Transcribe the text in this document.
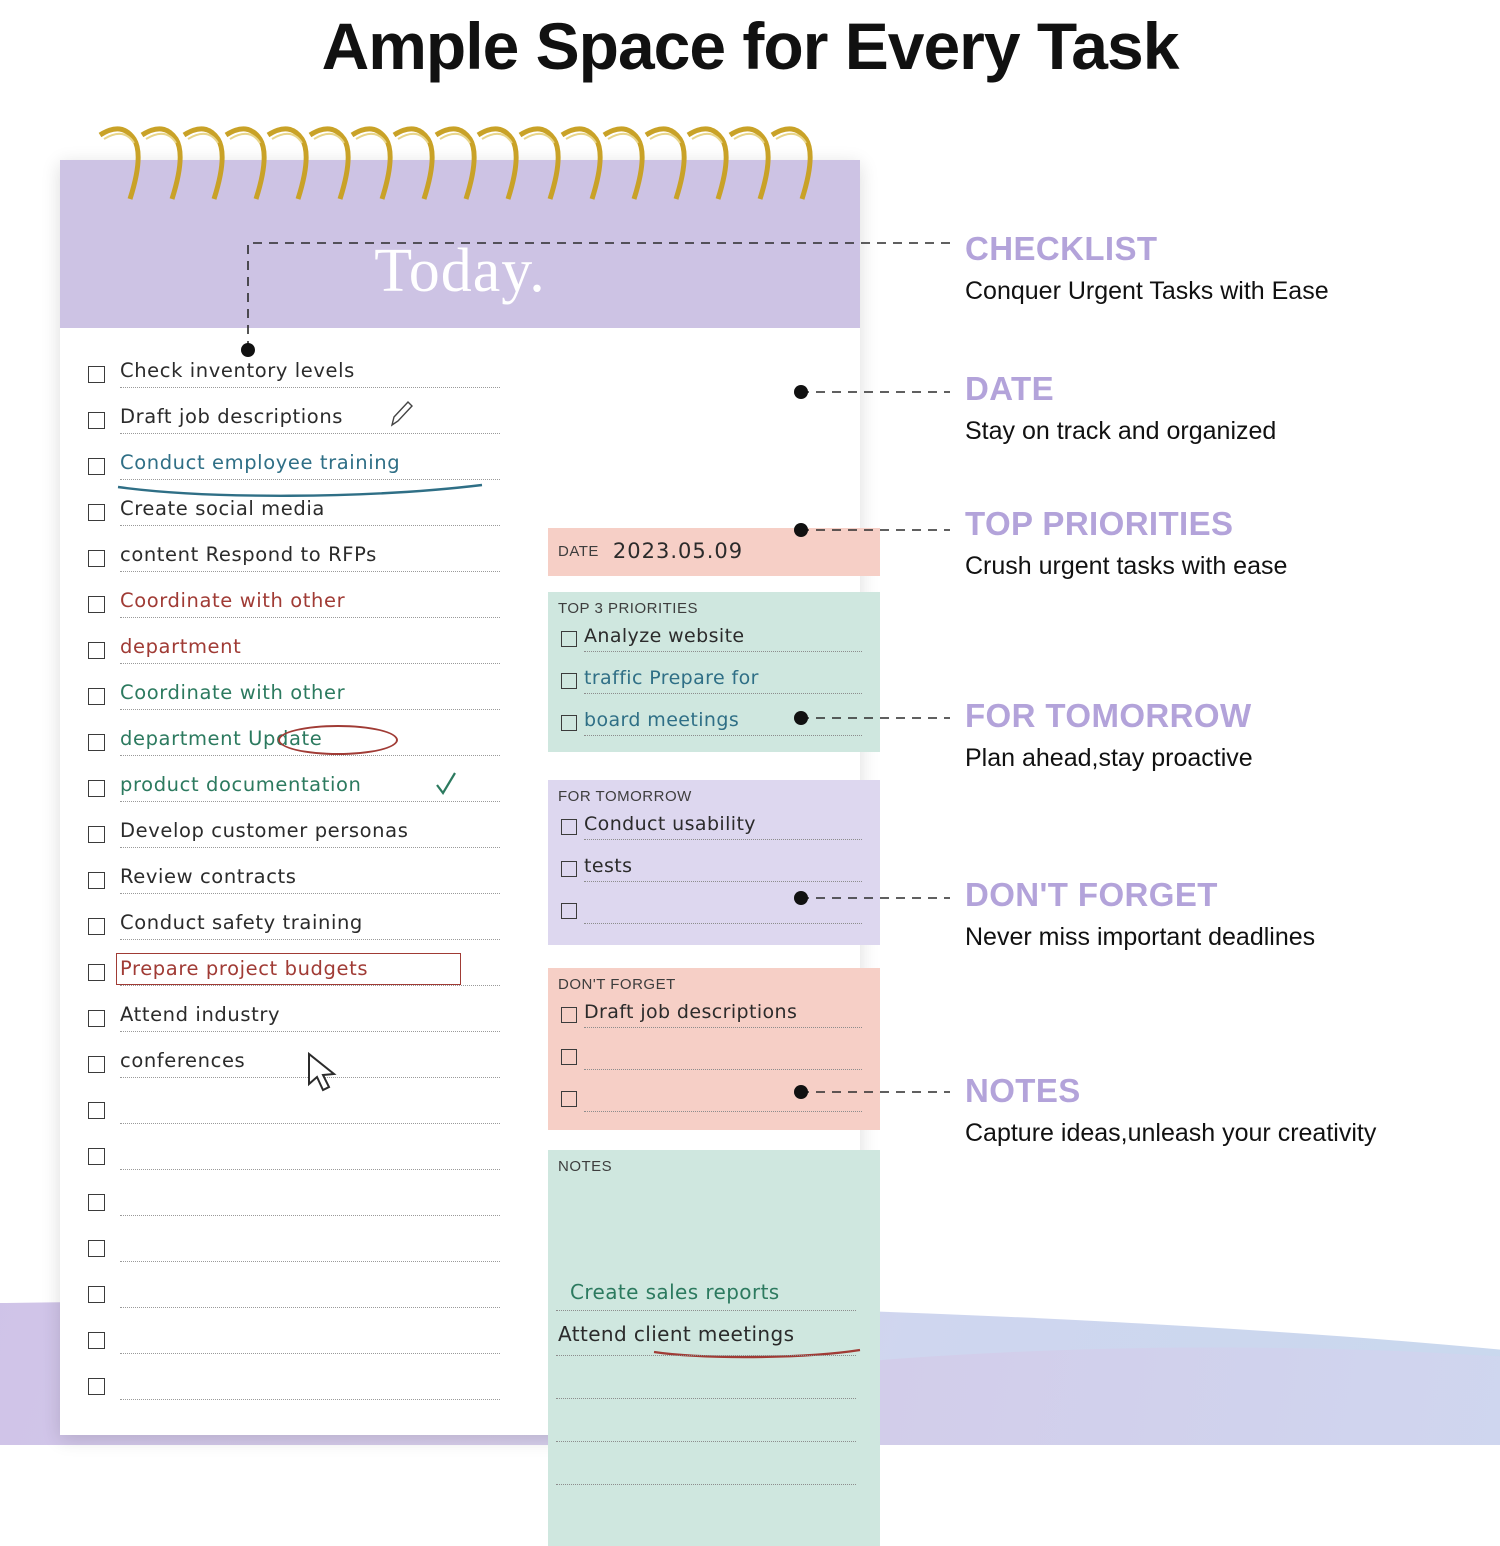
Ample Space for Every Task
Today.
Check inventory levels
Draft job descriptions
Conduct employee training
Create social media
content Respond to RFPs
Coordinate with other
department
Coordinate with other
department Update
product documentation
Develop customer personas
Review contracts
Conduct safety training
Prepare project budgets
Attend industry
conferences
DATE 2023.05.09
TOP 3 PRIORITIES
Analyze website
traffic Prepare for
board meetings
FOR TOMORROW
Conduct usability
tests
DON'T FORGET
Draft job descriptions
NOTES
Create sales reports
Attend client meetings
CHECKLIST
Conquer Urgent Tasks with Ease
DATE
Stay on track and organized
TOP PRIORITIES
Crush urgent tasks with ease
FOR TOMORROW
Plan ahead,stay proactive
DON'T FORGET
Never miss important deadlines
NOTES
Capture ideas,unleash your creativity
